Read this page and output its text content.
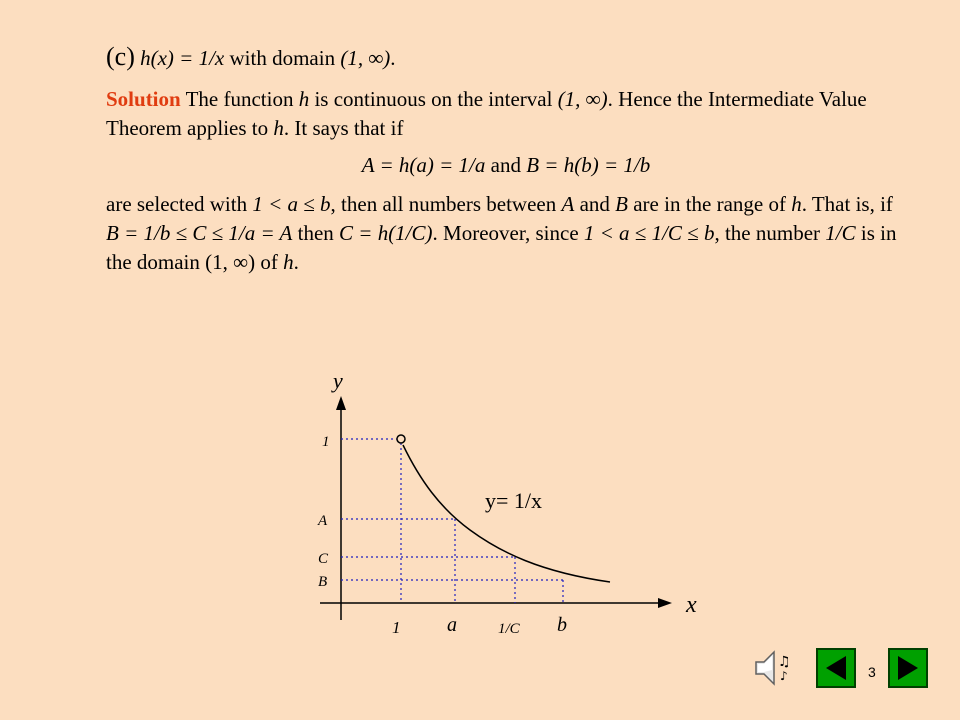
(c) h(x) = 1/x with domain (1, ∞).
Solution The function h is continuous on the interval (1, ∞). Hence the Intermediate Value Theorem applies to h. It says that if
A = h(a) = 1/a and B = h(b) = 1/b
are selected with 1 < a ≤ b, then all numbers between A and B are in the range of h. That is, if B = 1/b ≤ C ≤ 1/a = A then C = h(1/C). Moreover, since 1 < a ≤ 1/C ≤ b, the number 1/C is in the domain (1, ∞) of h.
y
x
y= 1/x
1
A
C
B
1 a	1/C b
♫
♪	3
